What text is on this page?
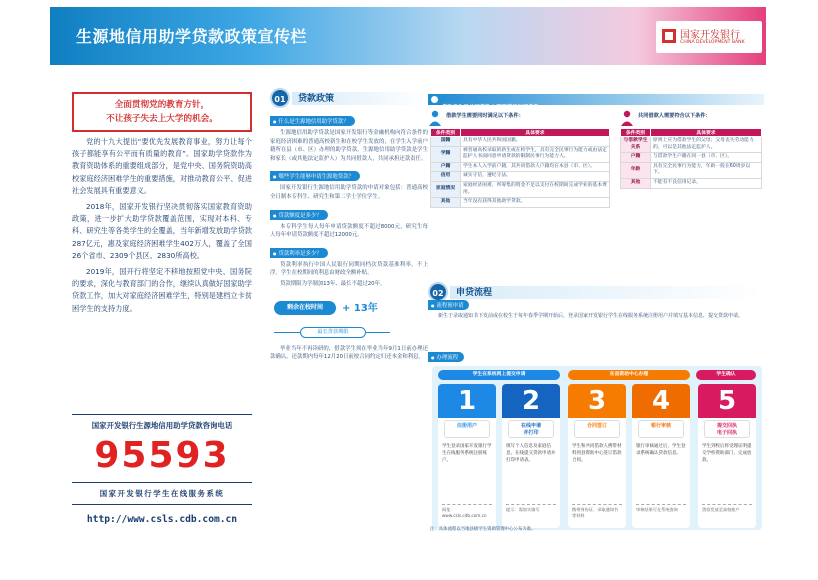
生源地信用助学贷款政策宣传栏	国家开发银行
CHINA DEVELOPMENT BANK
全面贯彻党的教育方针，
不让孩子失去上大学的机会。

党的十九大提出“要优先发展教育事业，努力让每个孩子都能享有公平而有质量的教育”。国家助学贷款作为教育资助体系的重要组成部分，是党中央、国务院资助高校家庭经济困难学生的重要措施，对推动教育公平、促进社会发展具有重要意义。

2018年，国家开发银行坚决贯彻落实国家教育资助政策，进一步扩大助学贷款覆盖范围，实现对本科、专科、研究生等各类学生的全覆盖，当年新增发放助学贷款287亿元，惠及家庭经济困难学生402万人，覆盖了全国26个省市、2309个县区、2830所高校。

2019年，国开行将坚定不移地按照党中央、国务院的要求，深化与教育部门的合作，继续认真做好国家助学贷款工作，加大对家庭经济困难学生，特别是建档立卡贫困学生的支持力度。

国家开发银行生源地信用助学贷款咨询电话
95593
国家开发银行学生在线服务系统
http://www.csls.cdb.com.cn
01	贷款政策
● 什么是生源地信用助学贷款？

生源地信用助学贷款是国家开发银行等金融机构向符合条件的家庭经济困难的普通高校新生和在校学生发放的，在学生入学前户籍所在县（市、区）办理的助学贷款。生源地信用助学贷款是学生和家长（或其他法定监护人）为共同借款人，共同承担还款责任。

● 哪些学生能够申请生源地贷款？

国家开发银行生源地信用助学贷款的申请对象包括：普通高校全日制本专科生、研究生和第二学士学位学生。

● 贷款额度是多少？

本专科学生每人每年申请贷款额度不超过8000元，研究生每人每年申请贷款额度不超过12000元。

● 贷款利率是多少？

贷款利率执行中国人民银行同期同档次贷款基准利率，不上浮。学生在校期间的利息由财政全额补贴。

贷款期限为学制加13年、最长不超过20年。

剩余在校时间	+ 13年
最长贷款期限

毕业当年不再读研的，借款学生须在毕业当年9月1日前办理还款确认。还款期内每年12月20日前按合同约定归还本金和利息。

借款学生及共同借款人需要满足以下条件
借款学生需要同时满足以下条件：	共同借款人需要符合以下条件：
条件类别	具体要求
国籍	具有中华人民共和国国籍。
学籍	被普通高校录取的新生或在校学生，具有完全民事行为能力或由法定监护人书面同意申请贷款的限制民事行为能力人。
户籍	学生本人入学前户籍，其共同借款人户籍均在本县（市、区）。
信用	诚实守信，遵纪守法。
家庭情况	家庭经济困难，所筹集的资金不足以支付在校期间完成学业的基本费用。
其他	当年没有获得其他助学贷款。
条件类别	具体要求
与借款学生关系	原则上应为借款学生的父母；父母丧失劳动能力的，可以是其他法定监护人。
户籍	与借款学生户籍在同一县（市、区）。
年龄	具有完全民事行为能力，年龄一般在60周岁以下。
其他	不能有不良信用记录。
02	申贷流程
● 流程预申请

新生于录取通知书下发前或在校生于每年春季学期开始后，登录国家开发银行学生在线服务系统注册用户并填写基本信息，提交贷款申请。

● 办理流程
学生在系统网上提交申请	在县资助中心办理	学生确认
1
注册用户
学生登录国家开发银行学生在线服务系统注册账户。
网址：www.csls.cdb.com.cn
2
在线申请
并打印
填写个人信息及家庭信息，在线提交贷款申请并打印申请表。
提示：需如实填写
3
合同签订
学生和共同借款人携带材料到县资助中心签订借款合同。
携带身份证、录取通知书等材料
4
银行审核
银行审核通过后，学生登录系统确认贷款信息。
审核结果可在系统查询
5
提交回执
电子回执
学生到校后将受理证明提交学校资助部门，完成放款。
贷款发放至高校账户
注：具体流程以当地县级学生资助管理中心公布为准。
